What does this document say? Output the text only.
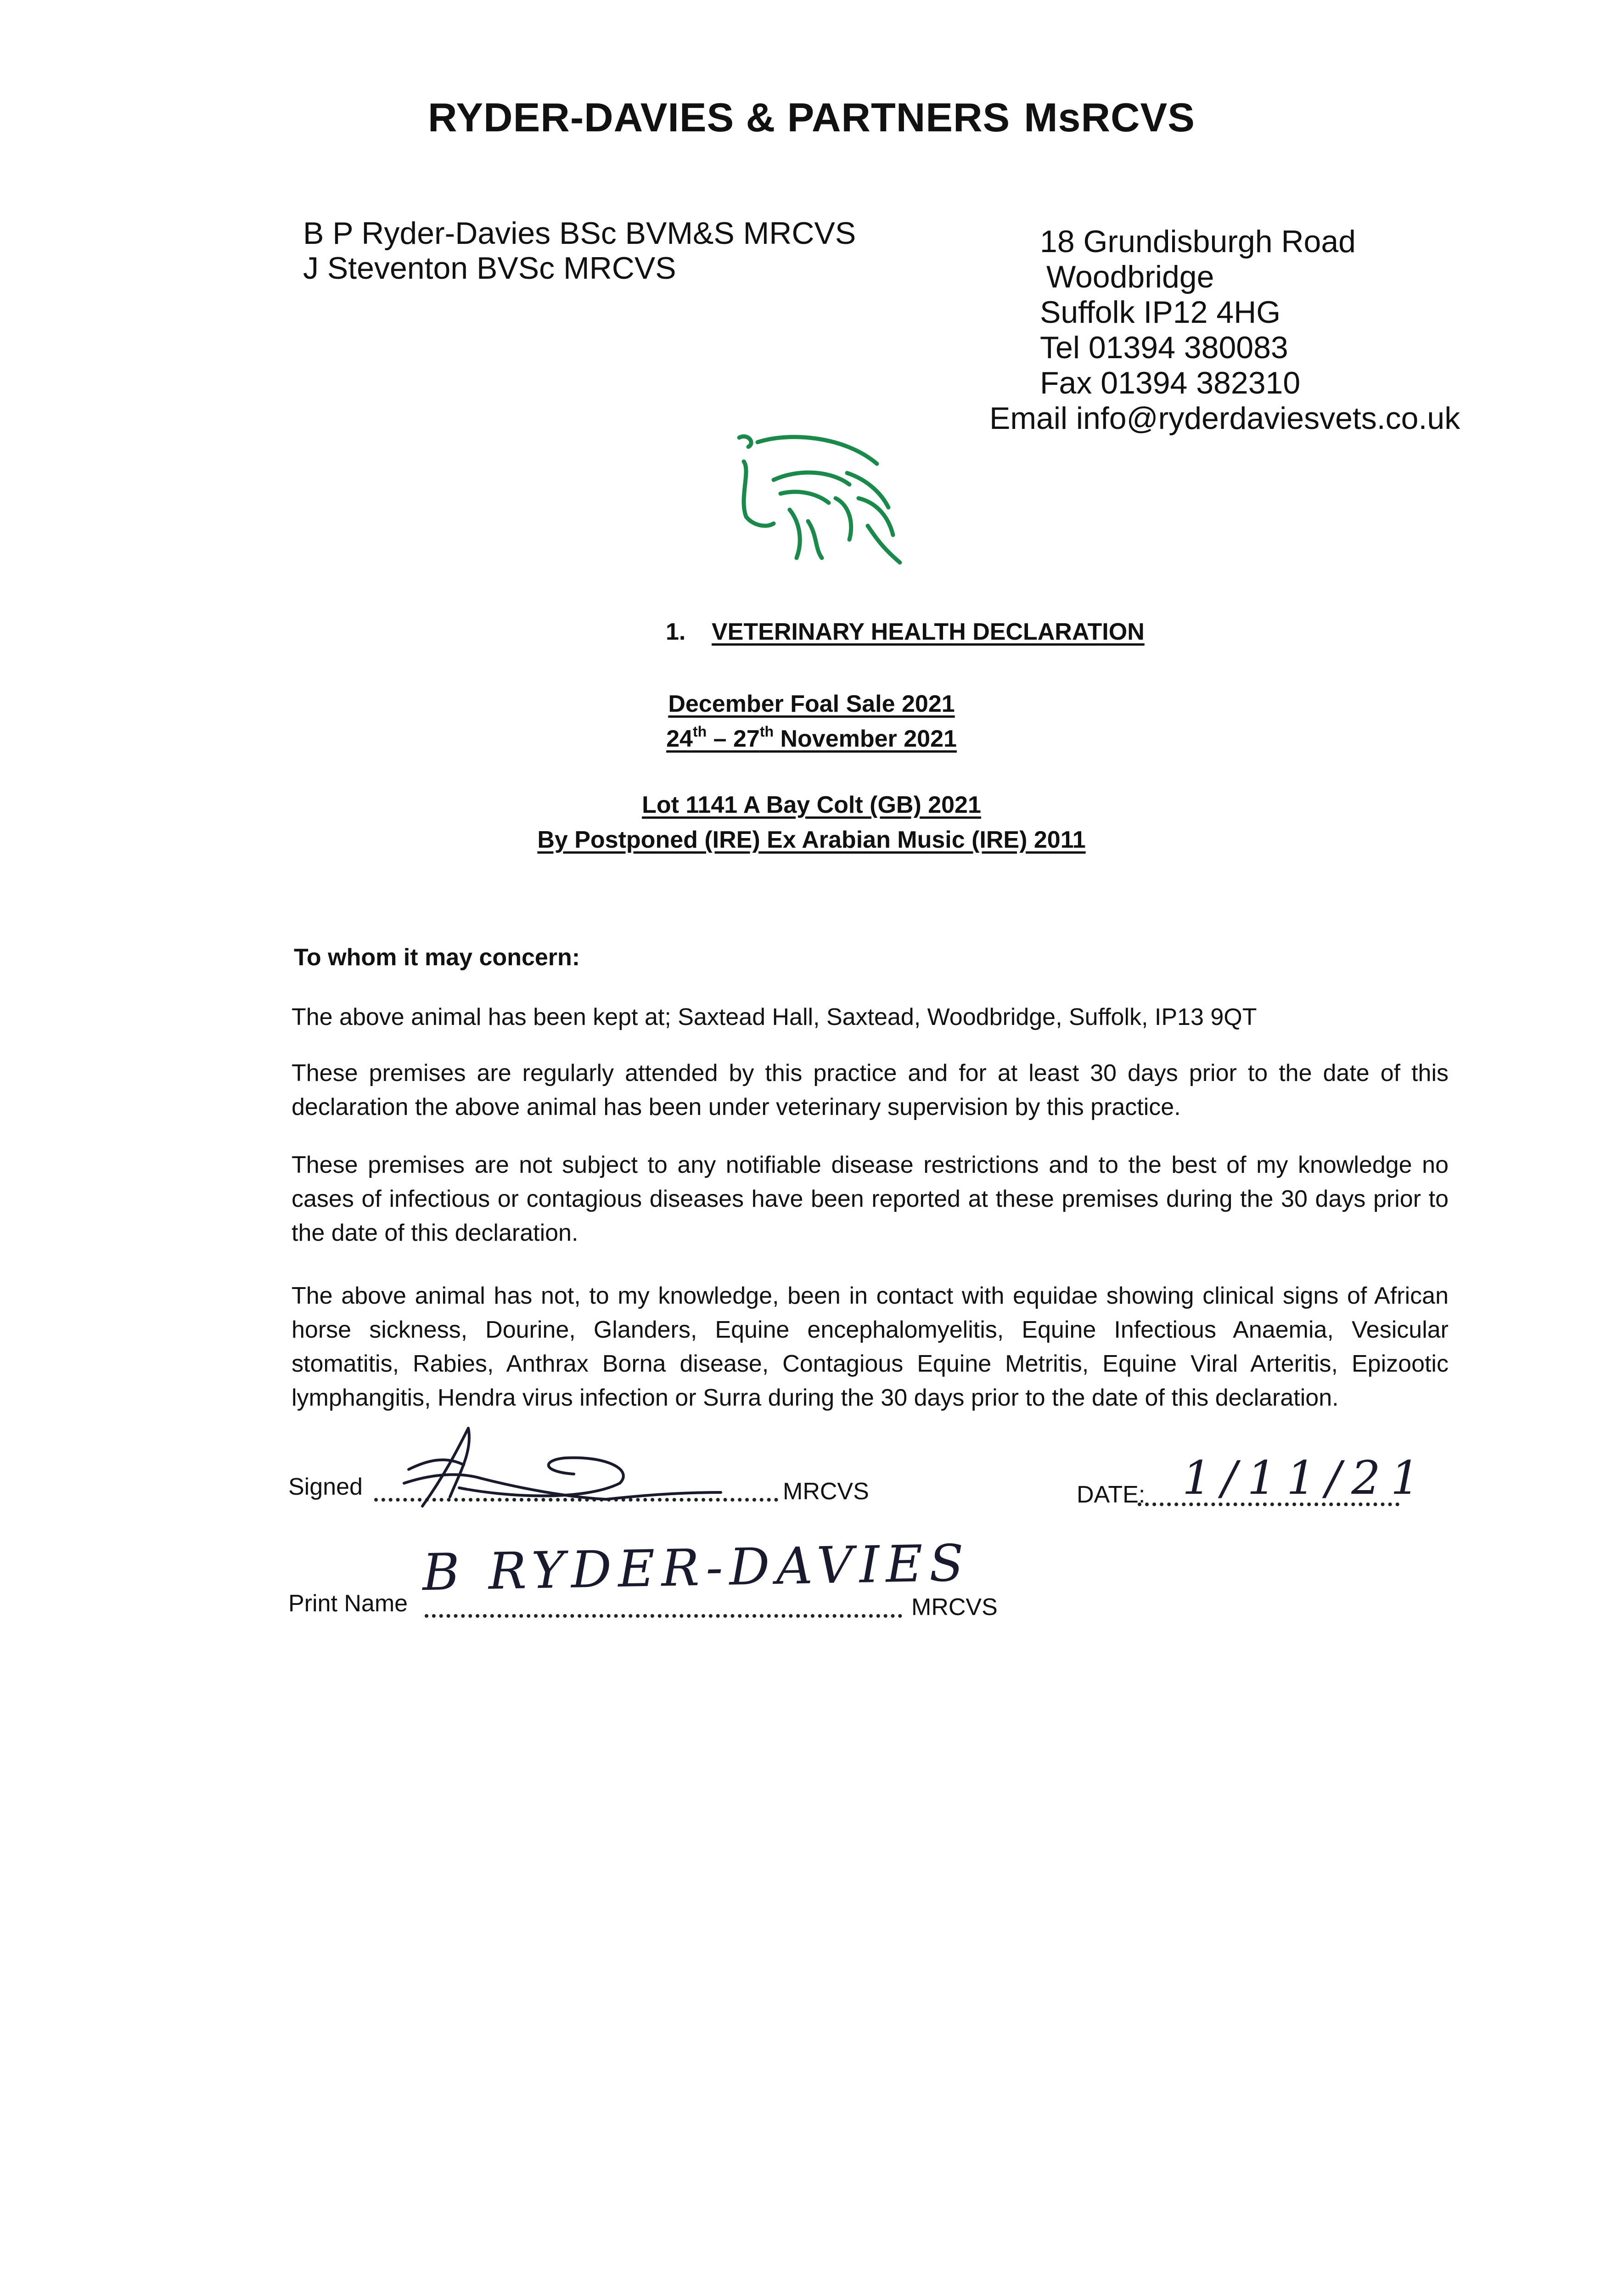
RYDER-DAVIES & PARTNERS MsRCVS
B P Ryder-Davies BSc BVM&S MRCVS
J Steventon BVSc MRCVS
18 Grundisburgh Road
Woodbridge
Suffolk IP12 4HG
Tel 01394 380083
Fax 01394 382310
Email info@ryderdaviesvets.co.uk
1. VETERINARY HEALTH DECLARATION
December Foal Sale 2021
24th – 27th November 2021
Lot 1141 A Bay Colt (GB) 2021
By Postponed (IRE) Ex Arabian Music (IRE) 2011
To whom it may concern:
The above animal has been kept at; Saxtead Hall, Saxtead, Woodbridge, Suffolk, IP13 9QT
These premises are regularly attended by this practice and for at least 30 days prior to the date of this declaration the above animal has been under veterinary supervision by this practice.
These premises are not subject to any notifiable disease restrictions and to the best of my knowledge no cases of infectious or contagious diseases have been reported at these premises during the 30 days prior to the date of this declaration.
The above animal has not, to my knowledge, been in contact with equidae showing clinical signs of African horse sickness, Dourine, Glanders, Equine encephalomyelitis, Equine Infectious Anaemia, Vesicular stomatitis, Rabies, Anthrax Borna disease, Contagious Equine Metritis, Equine Viral Arteritis, Epizootic lymphangitis, Hendra virus infection or Surra during the 30 days prior to the date of this declaration.
Signed	MRCVS	DATE: 1/11/21
Print Name
B RYDER-DAVIES
MRCVS
